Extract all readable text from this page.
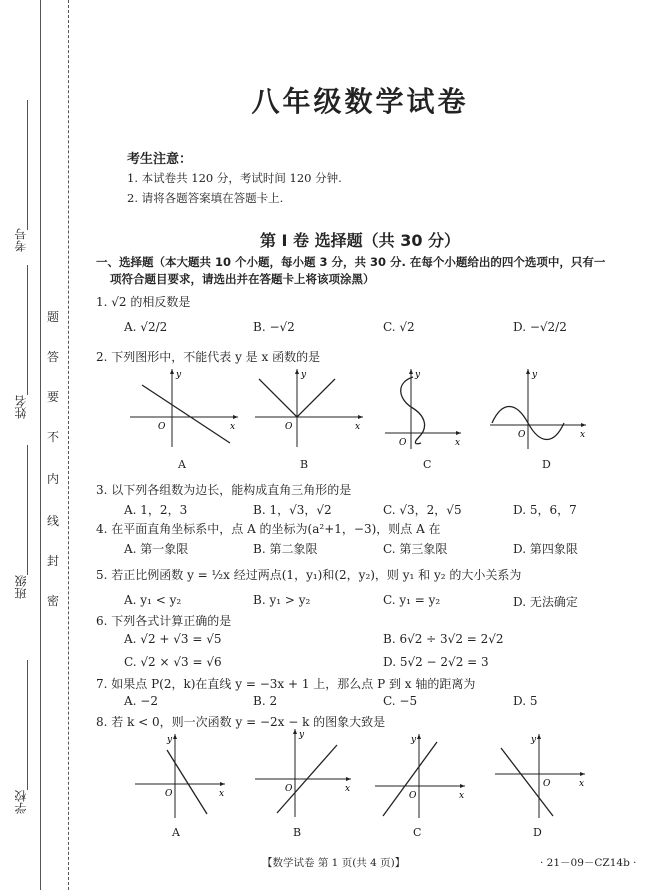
考号
姓名
班级
学校
题
答
要
不
内
线
封
密
八年级数学试卷
考生注意：
1. 本试卷共 120 分，考试时间 120 分钟.
2. 请将各题答案填在答题卡上.
第 Ⅰ 卷 选择题（共 30 分）
一、选择题（本大题共 10 个小题，每小题 3 分，共 30 分. 在每个小题给出的四个选项中，只有一
项符合题目要求，请选出并在答题卡上将该项涂黑）
1. √2 的相反数是
A. √2/2	B. −√2	C. √2	D. −√2/2
2. 下列图形中，不能代表 y 是 x 函数的是
y
x
O
A
y
x
O
B
y
x
O
C
y
x
O
D
3. 以下列各组数为边长，能构成直角三角形的是
A. 1，2，3	B. 1，√3，√2	C. √3，2，√5	D. 5，6，7
4. 在平面直角坐标系中，点 A 的坐标为(a²+1，−3)，则点 A 在
A. 第一象限	B. 第二象限	C. 第三象限	D. 第四象限
5. 若正比例函数 y = ½x 经过两点(1，y₁)和(2，y₂)，则 y₁ 和 y₂ 的大小关系为
A. y₁ < y₂	B. y₁ > y₂	C. y₁ = y₂	D. 无法确定
6. 下列各式计算正确的是
A. √2 + √3 = √5	B. 6√2 ÷ 3√2 = 2√2
C. √2 × √3 = √6	D. 5√2 − 2√2 = 3
7. 如果点 P(2，k)在直线 y = −3x + 1 上，那么点 P 到 x 轴的距离为
A. −2	B. 2	C. −5	D. 5
8. 若 k < 0，则一次函数 y = −2x − k 的图象大致是
y
x
O
A
y
x
O
B
y
x
O
C
y
x
O
D
【数学试卷 第 1 页(共 4 页)】	· 21－09－CZ14b ·
